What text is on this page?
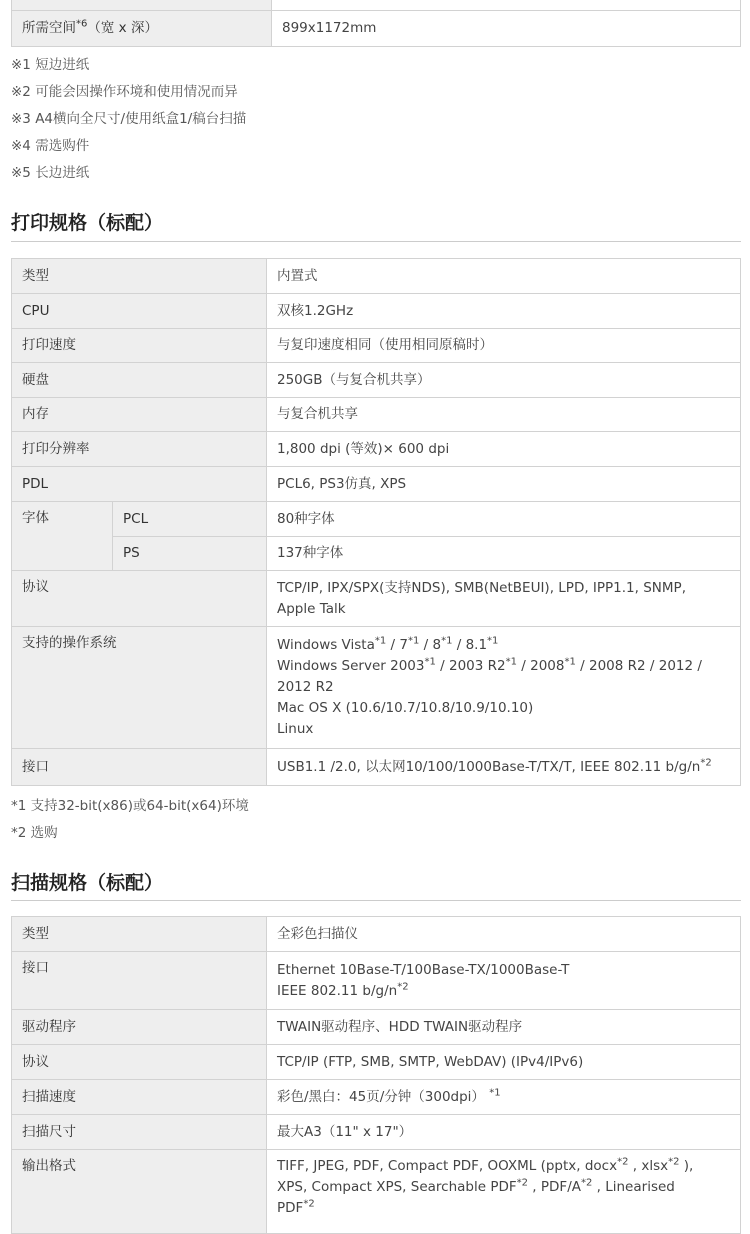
所需空间$^{*6}$（宽 x 深）	899x1172mm
※1 短边进纸
※2 可能会因操作环境和使用情况而异
※3 A4横向全尺寸/使用纸盒1/稿台扫描
※4 需选购件
※5 长边进纸
打印规格（标配）
类型		内置式
CPU		双核1.2GHz
打印速度		与复印速度相同（使用相同原稿时）
硬盘		250GB（与复合机共享）
内存		与复合机共享
打印分辨率		1,800 dpi (等效)× 600 dpi
PDL		PCL6, PS3仿真, XPS
字体	PCL	80种字体
	PS	137种字体
协议		TCP/IP, IPX/SPX(支持NDS), SMB(NetBEUI), LPD, IPP1.1, SNMP,
Apple Talk

支持的操作系统		Windows Vista$^{*1}$ / 7$^{*1}$ / 8$^{*1}$ / 8.1$^{*1}$
Windows Server 2003$^{*1}$ / 2003 R2$^{*1}$ / 2008$^{*1}$ / 2008 R2 / 2012 /
2012 R2
Mac OS X (10.6/10.7/10.8/10.9/10.10)
Linux

接口		USB1.1 /2.0, 以太网10/100/1000Base-T/TX/T, IEEE 802.11 $b/g/n^{*2}$
*1 支持32-bit(x86)或64-bit(x64)环境
*2 选购
扫描规格（标配）
类型	全彩色扫描仪
接口	Ethernet 10Base-T/100Base-TX/1000Base-T
IEEE 802.11 $b/g/n^{*2}$

驱动程序	TWAIN驱动程序、HDD TWAIN驱动程序
协议	TCP/IP (FTP, SMB, SMTP, WebDAV) (IPv4/IPv6)
扫描速度	彩色/黑白：45页/分钟（300dpi） $^{*1}$
扫描尺寸	最大A3（11" x 17"）
输出格式	TIFF, JPEG, PDF, Compact PDF, OOXML (pptx, docx$^{*2}$ , xlsx$^{*2}$ ),
XPS, Compact XPS, Searchable PDF$^{*2}$ , PDF/$A^{*2}$ , Linearised
PDF$^{*2}$
